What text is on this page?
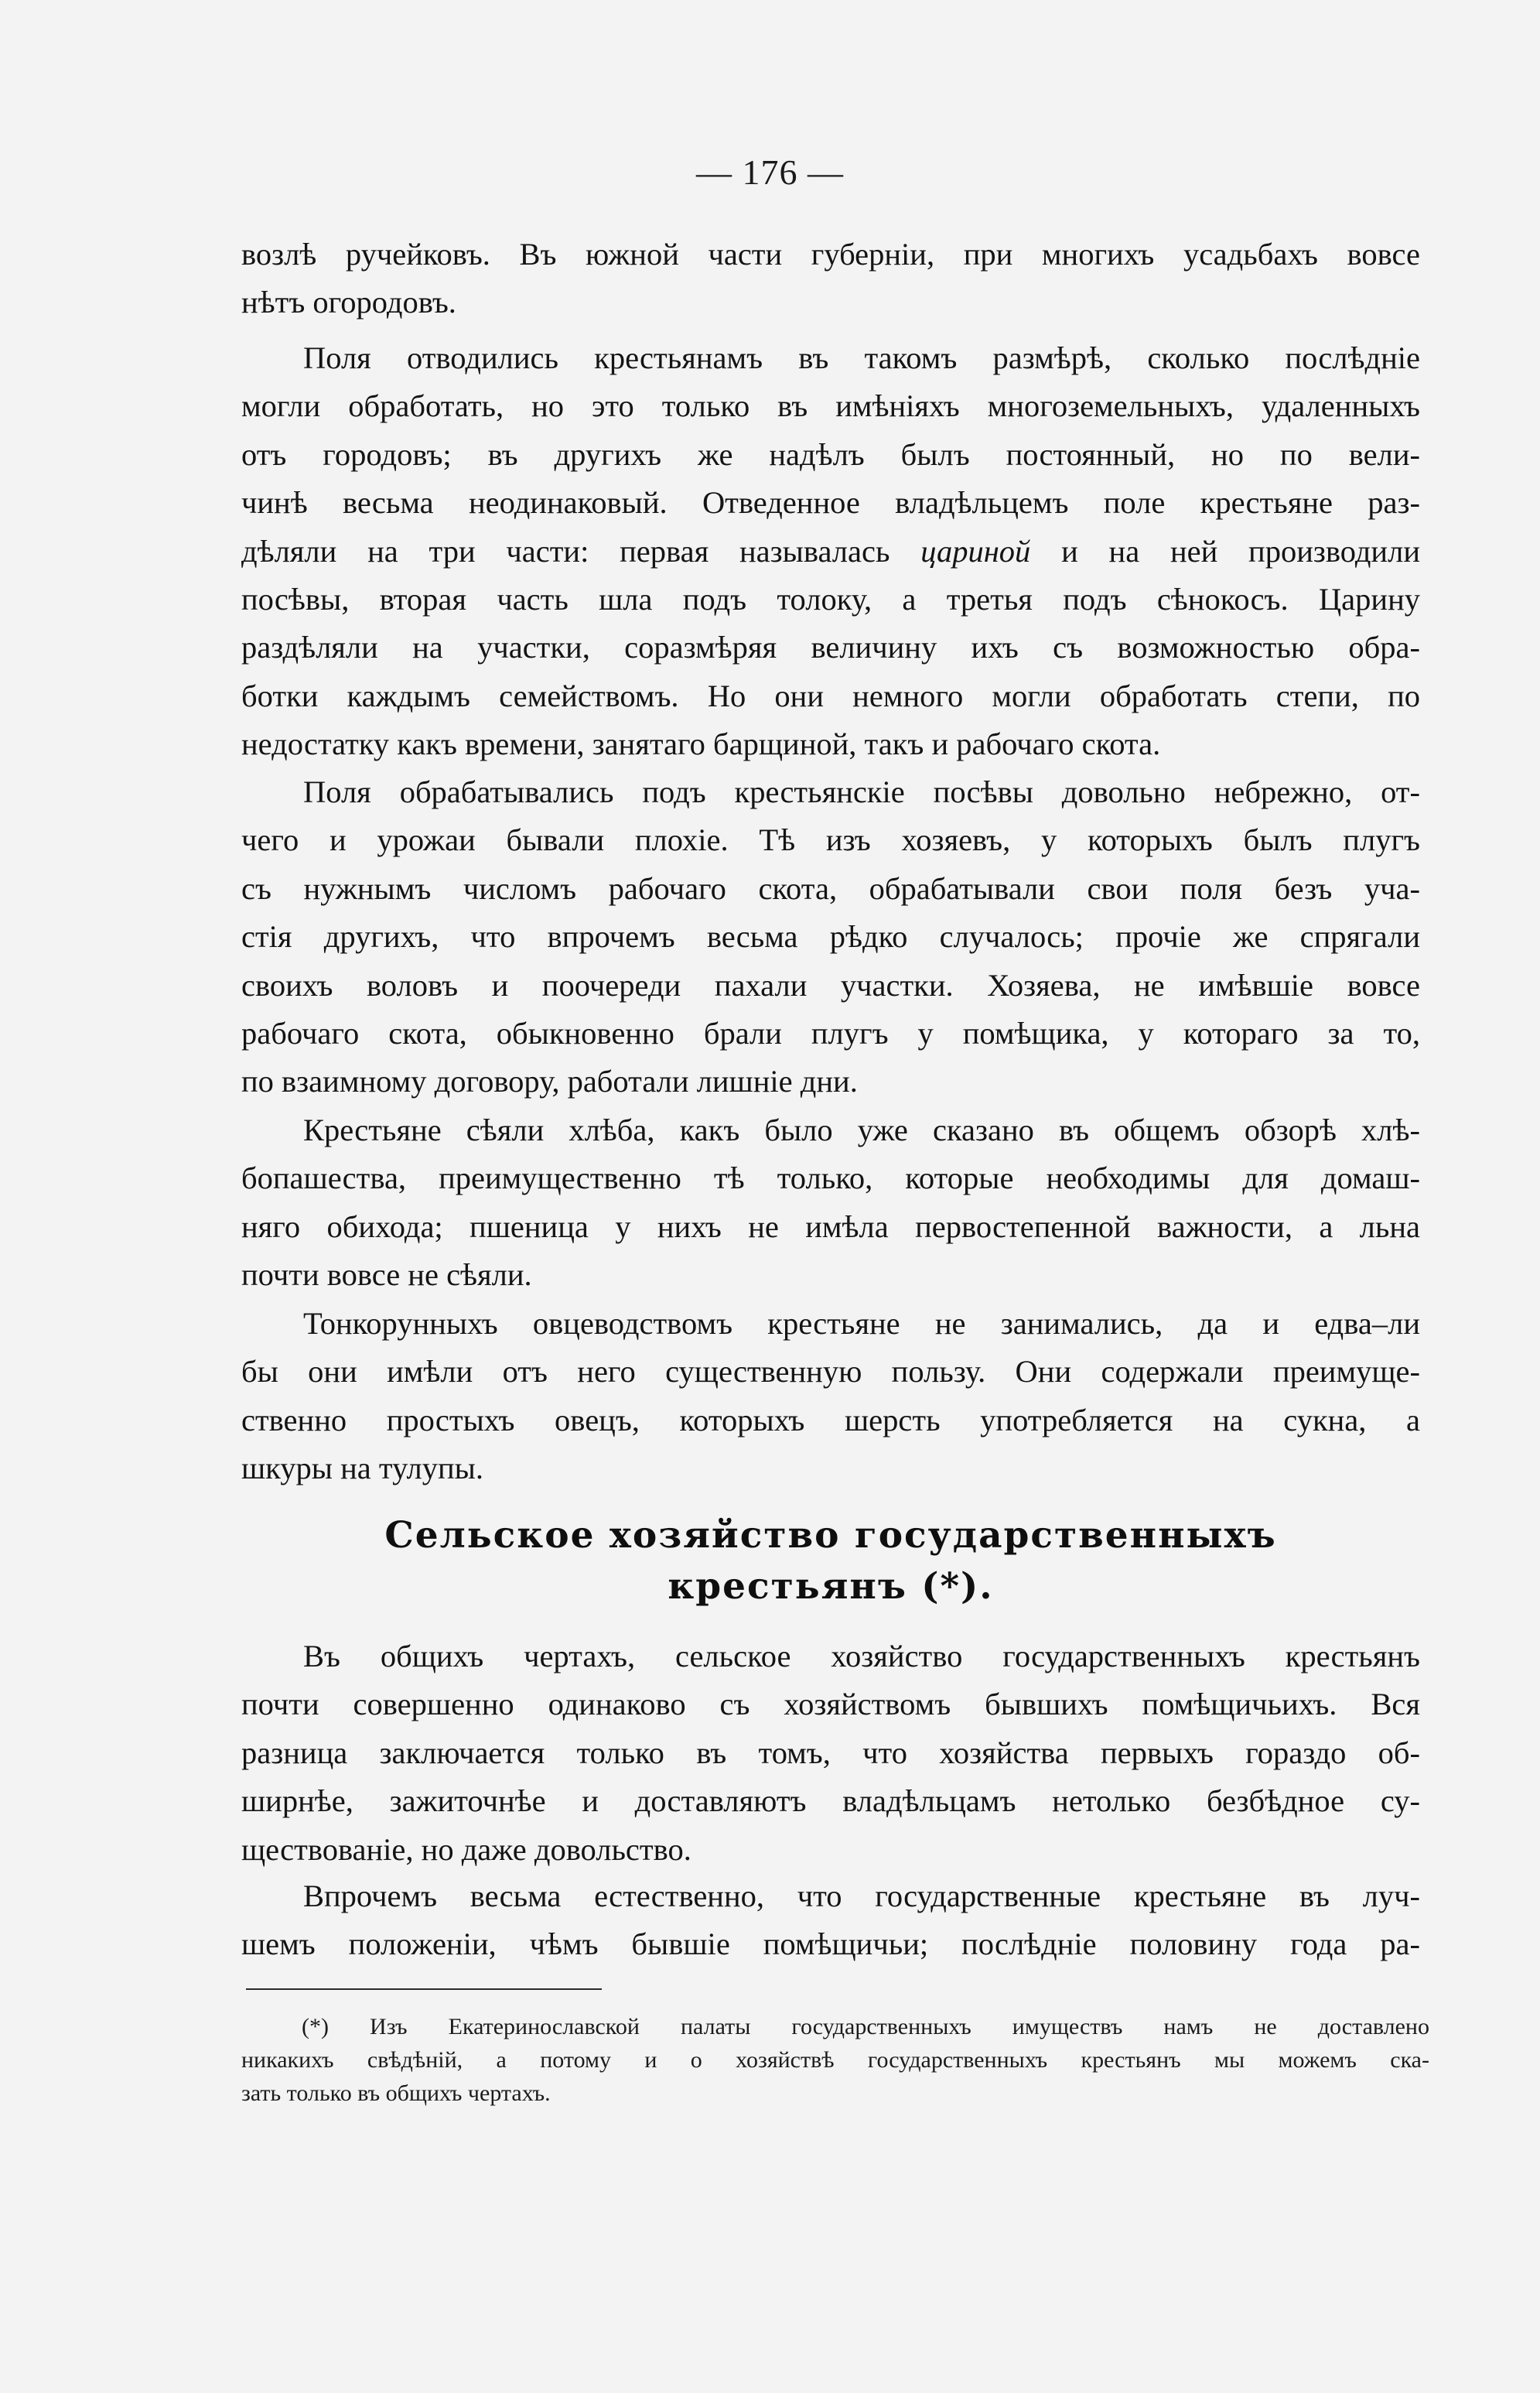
— 176 —
возлѣ ручейковъ. Въ южной части губерніи, при многихъ усадьбахъ вовсе
нѣтъ огородовъ.
Поля отводились крестьянамъ въ такомъ размѣрѣ, сколько послѣдніе
могли обработать, но это только въ имѣніяхъ многоземельныхъ, удаленныхъ
отъ городовъ; въ другихъ же надѣлъ былъ постоянный, но по вели-
чинѣ весьма неодинаковый. Отведенное владѣльцемъ поле крестьяне раз-
дѣляли на три части: первая называлась царинoй и на ней производили
посѣвы, вторая часть шла подъ толоку, а третья подъ сѣнокосъ. Царину
раздѣляли на участки, соразмѣряя величину ихъ съ возможностью обра-
ботки каждымъ семействомъ. Но они немного могли обработать степи, по
недостатку какъ времени, занятаго барщиной, такъ и рабочаго скота.
Поля обрабатывались подъ крестьянскіе посѣвы довольно небрежно, от-
чего и урожаи бывали плохіе. Тѣ изъ хозяевъ, у которыхъ былъ плугъ
съ нужнымъ числомъ рабочаго скота, обрабатывали свои поля безъ уча-
стія другихъ, что впрочемъ весьма рѣдко случалось; прочіе же спрягали
своихъ воловъ и поочереди пахали участки. Хозяева, не имѣвшіе вовсе
рабочаго скота, обыкновенно брали плугъ у помѣщика, у котораго за то,
по взаимному договору, работали лишніе дни.
Крестьяне сѣяли хлѣба, какъ было уже сказано въ общемъ обзорѣ хлѣ-
бопашества, преимущественно тѣ только, которые необходимы для домаш-
няго обихода; пшеница у нихъ не имѣла первостепенной важности, а льна
почти вовсе не сѣяли.
Тонкорунныхъ овцеводствомъ крестьяне не занимались, да и едва–ли
бы они имѣли отъ него существенную пользу. Они содержали преимуще-
ственно простыхъ овецъ, которыхъ шерсть употребляется на сукна, а
шкуры на тулупы.
Сельское хозяйство государственныхъ
крестьянъ (*).
Въ общихъ чертахъ, сельское хозяйство государственныхъ крестьянъ
почти совершенно одинаково съ хозяйствомъ бывшихъ помѣщичьихъ. Вся
разница заключается только въ томъ, что хозяйства первыхъ гораздо об-
ширнѣе, зажиточнѣе и доставляютъ владѣльцамъ нетолько безбѣдное су-
ществованіе, но даже довольство.
Впрочемъ весьма естественно, что государственные крестьяне въ луч-
шемъ положеніи, чѣмъ бывшіе помѣщичьи; послѣдніе половину года ра-
(*) Изъ Екатеринославской палаты государственныхъ имуществъ намъ не доставлено
никакихъ свѣдѣній, а потому и о хозяйствѣ государственныхъ крестьянъ мы можемъ ска-
зать только въ общихъ чертахъ.
